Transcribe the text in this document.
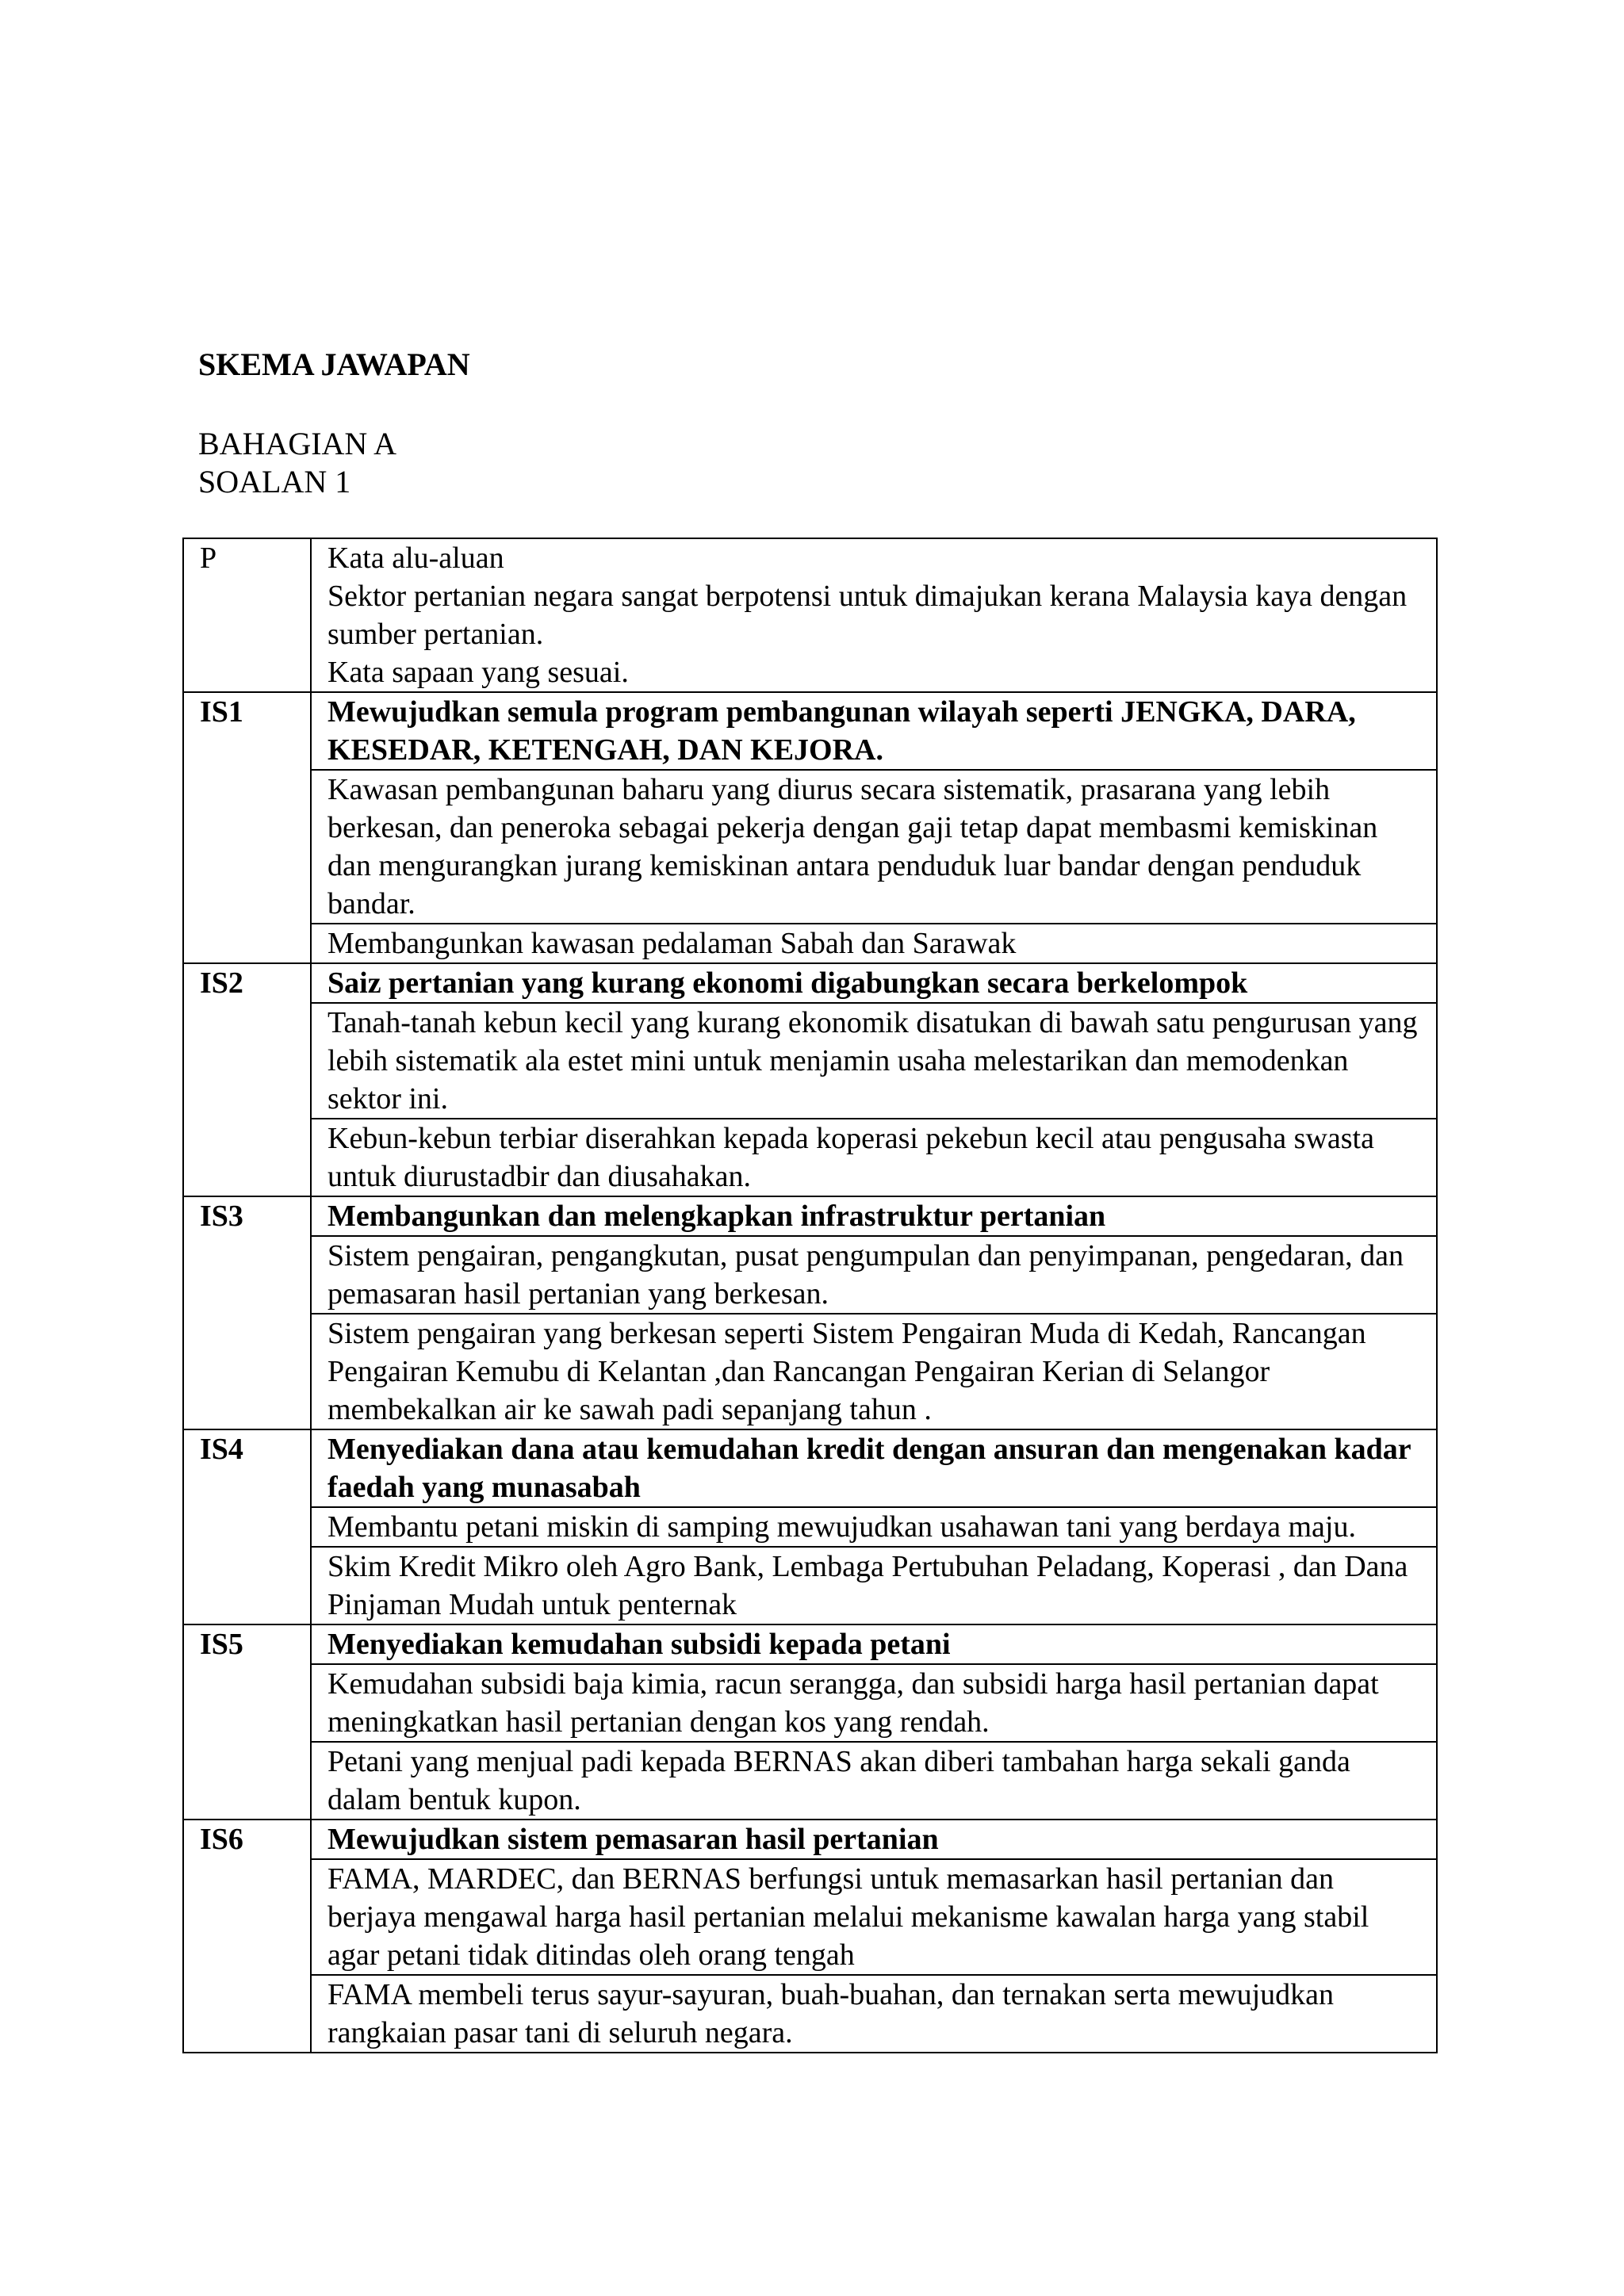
SKEMA JAWAPAN

BAHAGIAN A

SOALAN 1

P	Kata alu-aluan
Sektor pertanian negara sangat berpotensi untuk dimajukan kerana Malaysia kaya dengan sumber pertanian.
Kata sapaan yang sesuai.

IS1	Mewujudkan semula program pembangunan wilayah seperti JENGKA, DARA, KESEDAR, KETENGAH, DAN KEJORA.
	Kawasan pembangunan baharu yang diurus secara sistematik, prasarana yang lebih berkesan, dan peneroka sebagai pekerja dengan gaji tetap dapat membasmi kemiskinan dan mengurangkan jurang kemiskinan antara penduduk luar bandar dengan penduduk bandar.
	Membangunkan kawasan pedalaman Sabah dan Sarawak
IS2	Saiz pertanian yang kurang ekonomi digabungkan secara berkelompok
	Tanah-tanah kebun kecil yang kurang ekonomik disatukan di bawah satu pengurusan yang lebih sistematik ala estet mini untuk menjamin usaha melestarikan dan memodenkan sektor ini.
	Kebun-kebun terbiar diserahkan kepada koperasi pekebun kecil atau pengusaha swasta untuk diurustadbir dan diusahakan.
IS3	Membangunkan dan melengkapkan infrastruktur pertanian
	Sistem pengairan, pengangkutan, pusat pengumpulan dan penyimpanan, pengedaran, dan pemasaran hasil pertanian yang berkesan.
	Sistem pengairan yang berkesan seperti Sistem Pengairan Muda di Kedah, Rancangan Pengairan Kemubu di Kelantan ,dan Rancangan Pengairan Kerian di Selangor membekalkan air ke sawah padi sepanjang tahun .
IS4	Menyediakan dana atau kemudahan kredit dengan ansuran dan mengenakan kadar faedah yang munasabah
	Membantu petani miskin di samping mewujudkan usahawan tani yang berdaya maju.
	Skim Kredit Mikro oleh Agro Bank, Lembaga Pertubuhan Peladang, Koperasi , dan Dana Pinjaman Mudah untuk penternak
IS5	Menyediakan kemudahan subsidi kepada petani
	Kemudahan subsidi baja kimia, racun serangga, dan subsidi harga hasil pertanian dapat meningkatkan hasil pertanian dengan kos yang rendah.
	Petani yang menjual padi kepada BERNAS akan diberi tambahan harga sekali ganda dalam bentuk kupon.
IS6	Mewujudkan sistem pemasaran hasil pertanian
	FAMA, MARDEC, dan BERNAS berfungsi untuk memasarkan hasil pertanian dan berjaya mengawal harga hasil pertanian melalui mekanisme kawalan harga yang stabil agar petani tidak ditindas oleh orang tengah
	FAMA membeli terus sayur-sayuran, buah-buahan, dan ternakan serta mewujudkan rangkaian pasar tani di seluruh negara.
